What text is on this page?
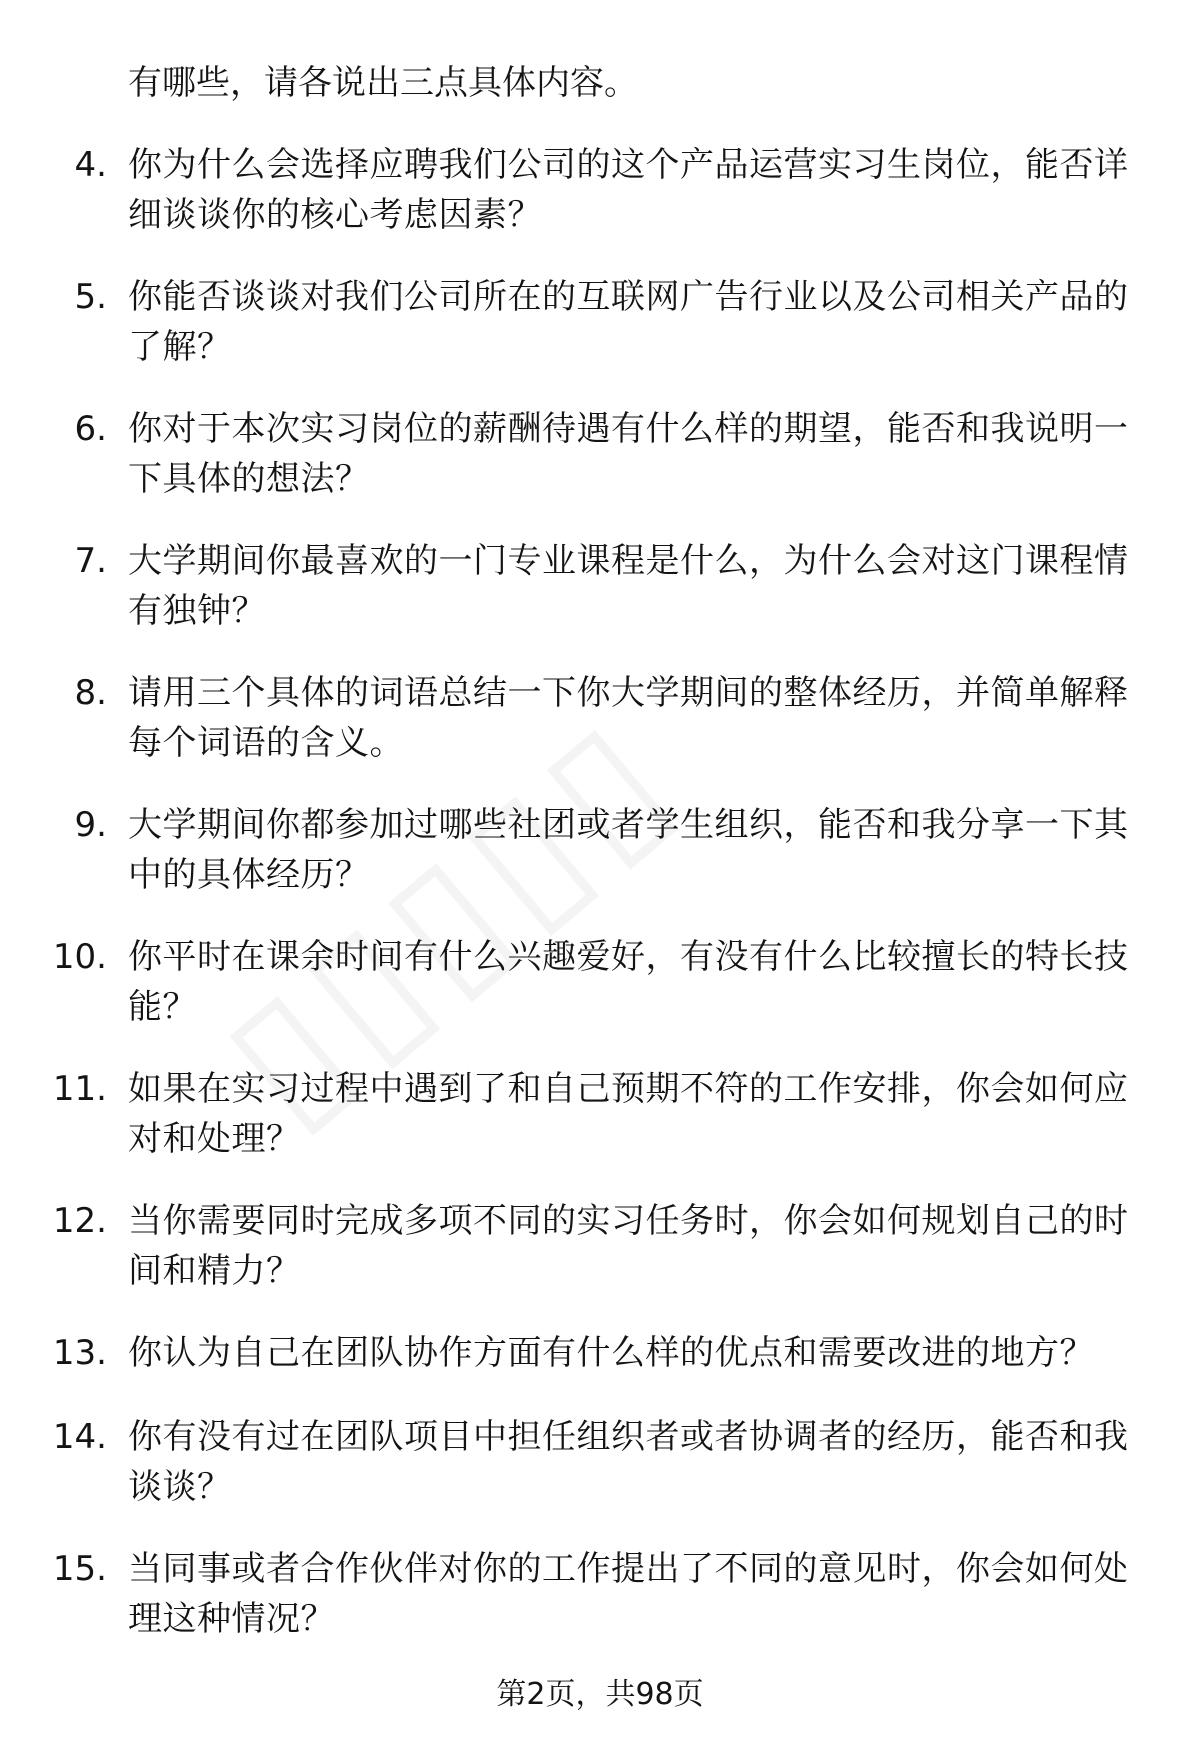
有哪些，请各说出三点具体内容。

4. 你为什么会选择应聘我们公司的这个产品运营实习生岗位，能否详细谈谈你的核心考虑因素？
5. 你能否谈谈对我们公司所在的互联网广告行业以及公司相关产品的了解？
6. 你对于本次实习岗位的薪酬待遇有什么样的期望，能否和我说明一下具体的想法？
7. 大学期间你最喜欢的一门专业课程是什么，为什么会对这门课程情有独钟？
8. 请用三个具体的词语总结一下你大学期间的整体经历，并简单解释每个词语的含义。
9. 大学期间你都参加过哪些社团或者学生组织，能否和我分享一下其中的具体经历？
10. 你平时在课余时间有什么兴趣爱好，有没有什么比较擅长的特长技能？
11. 如果在实习过程中遇到了和自己预期不符的工作安排，你会如何应对和处理？
12. 当你需要同时完成多项不同的实习任务时，你会如何规划自己的时间和精力？
13. 你认为自己在团队协作方面有什么样的优点和需要改进的地方？
14. 你有没有过在团队项目中担任组织者或者协调者的经历，能否和我谈谈？
15. 当同事或者合作伙伴对你的工作提出了不同的意见时，你会如何处理这种情况？
第2页，共98页
